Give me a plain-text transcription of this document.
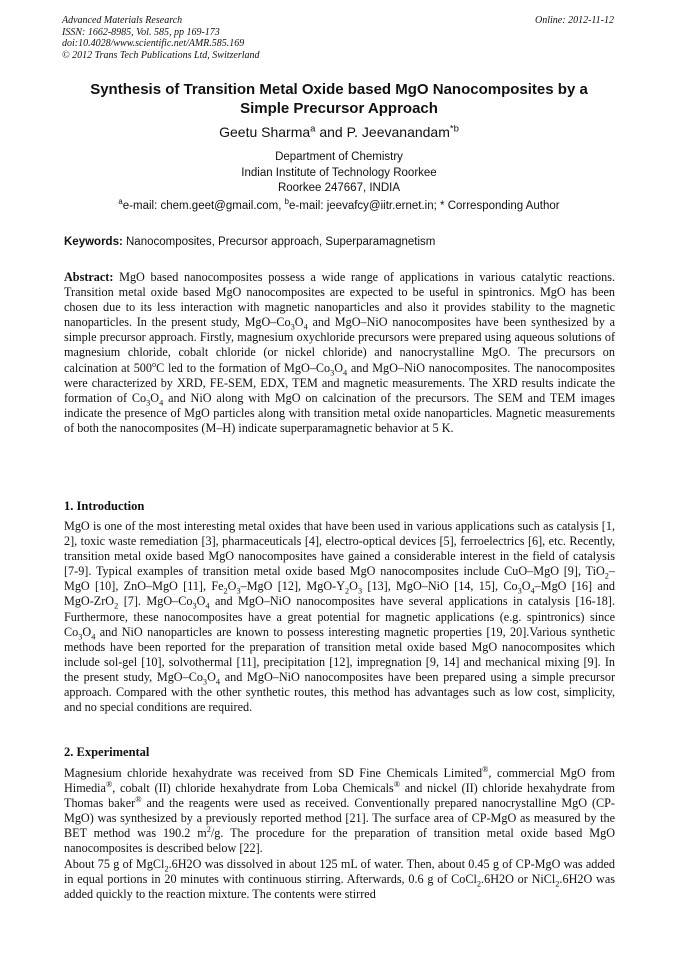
Advanced Materials Research
ISSN: 1662-8985, Vol. 585, pp 169-173
doi:10.4028/www.scientific.net/AMR.585.169
© 2012 Trans Tech Publications Ltd, Switzerland
Online: 2012-11-12
Synthesis of Transition Metal Oxide based MgO Nanocomposites by a
Simple Precursor Approach
Geetu Sharma$^a$ and P. Jeevanandam$^{*b}$
Department of Chemistry
Indian Institute of Technology Roorkee
Roorkee 247667, INDIA
$^a$e-mail: chem.geet@gmail.com, $^b$e-mail: jeevafcy@iitr.ernet.in; * Corresponding Author
Keywords: Nanocomposites, Precursor approach, Superparamagnetism

Abstract: MgO based nanocomposites possess a wide range of applications in various catalytic reactions. Transition metal oxide based MgO nanocomposites are expected to be useful in spintronics. MgO has been chosen due to its less interaction with magnetic nanoparticles and also it provides stability to the magnetic nanoparticles. In the present study, MgO–$Co_3O_4$ and MgO–NiO nanocomposites have been synthesized by a simple precursor approach. Firstly, magnesium oxychloride precursors were prepared using aqueous solutions of magnesium chloride, cobalt chloride (or nickel chloride) and nanocrystalline MgO. The precursors on calcination at 500$^o$C led to the formation of MgO–$Co_3O_4$ and MgO–NiO nanocomposites. The nanocomposites were characterized by XRD, FE-SEM, EDX, TEM and magnetic measurements. The XRD results indicate the formation of $Co_3O_4$ and NiO along with MgO on calcination of the precursors. The SEM and TEM images indicate the presence of MgO particles along with transition metal oxide nanoparticles. Magnetic measurements of both the nanocomposites (M–H) indicate superparamagnetic behavior at 5 K.

1. Introduction

MgO is one of the most interesting metal oxides that have been used in various applications such as catalysis [1, 2], toxic waste remediation [3], pharmaceuticals [4], electro-optical devices [5], ferroelectrics [6], etc. Recently, transition metal oxide based MgO nanocomposites have gained a considerable interest in the field of catalysis [7-9]. Typical examples of transition metal oxide based MgO nanocomposites include CuO–MgO [9], TiO$_2$–MgO [10], ZnO–MgO [11], $Fe_2O_3$–MgO [12], MgO-$Y_2O_3$ [13], MgO–NiO [14, 15], $Co_3O_4$–MgO [16] and MgO-ZrO$_2$ [7]. MgO–$Co_3O_4$ and MgO–NiO nanocomposites have several applications in catalysis [16-18]. Furthermore, these nanocomposites have a great potential for magnetic applications (e.g. spintronics) since $Co_3O_4$ and NiO nanoparticles are known to possess interesting magnetic properties [19, 20].Various synthetic methods have been reported for the preparation of transition metal oxide based MgO nanocomposites which include sol-gel [10], solvothermal [11], precipitation [12], impregnation [9, 14] and mechanical mixing [9]. In the present study, MgO–$Co_3O_4$ and MgO–NiO nanocomposites have been prepared using a simple precursor approach. Compared with the other synthetic routes, this method has advantages such as low cost, simplicity, and no special conditions are required.

2. Experimental

Magnesium chloride hexahydrate was received from SD Fine Chemicals Limited®, commercial MgO from Himedia®, cobalt (II) chloride hexahydrate from Loba Chemicals® and nickel (II) chloride hexahydrate from Thomas baker® and the reagents were used as received. Conventionally prepared nanocrystalline MgO (CP-MgO) was synthesized by a previously reported method [21]. The surface area of CP-MgO as measured by the BET method was 190.2 $m^2/g$. The procedure for the preparation of transition metal oxide based MgO nanocomposites is described below [22].

About 75 g of MgCl$_2$.6H2O was dissolved in about 125 mL of water. Then, about 0.45 g of CP-MgO was added in equal portions in 20 minutes with continuous stirring. Afterwards, 0.6 g of CoCl$_2$.6H2O or NiCl$_2$.6H2O was added quickly to the reaction mixture. The contents were stirred
